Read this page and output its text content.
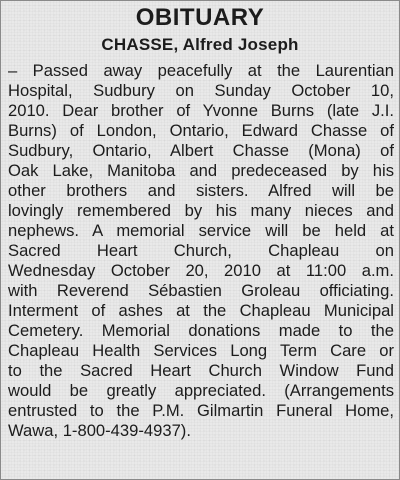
OBITUARY
CHASSE, Alfred Joseph
– Passed away peacefully at the Laurentian
Hospital, Sudbury on Sunday October 10,
2010. Dear brother of Yvonne Burns (late J.I.
Burns) of London, Ontario, Edward Chasse of
Sudbury, Ontario, Albert Chasse (Mona) of
Oak Lake, Manitoba and predeceased by his
other brothers and sisters. Alfred will be
lovingly remembered by his many nieces and
nephews. A memorial service will be held at
Sacred Heart Church, Chapleau on
Wednesday October 20, 2010 at 11:00 a.m.
with Reverend Sébastien Groleau officiating.
Interment of ashes at the Chapleau Municipal
Cemetery. Memorial donations made to the
Chapleau Health Services Long Term Care or
to the Sacred Heart Church Window Fund
would be greatly appreciated. (Arrangements
entrusted to the P.M. Gilmartin Funeral Home,
Wawa, 1-800-439-4937).
